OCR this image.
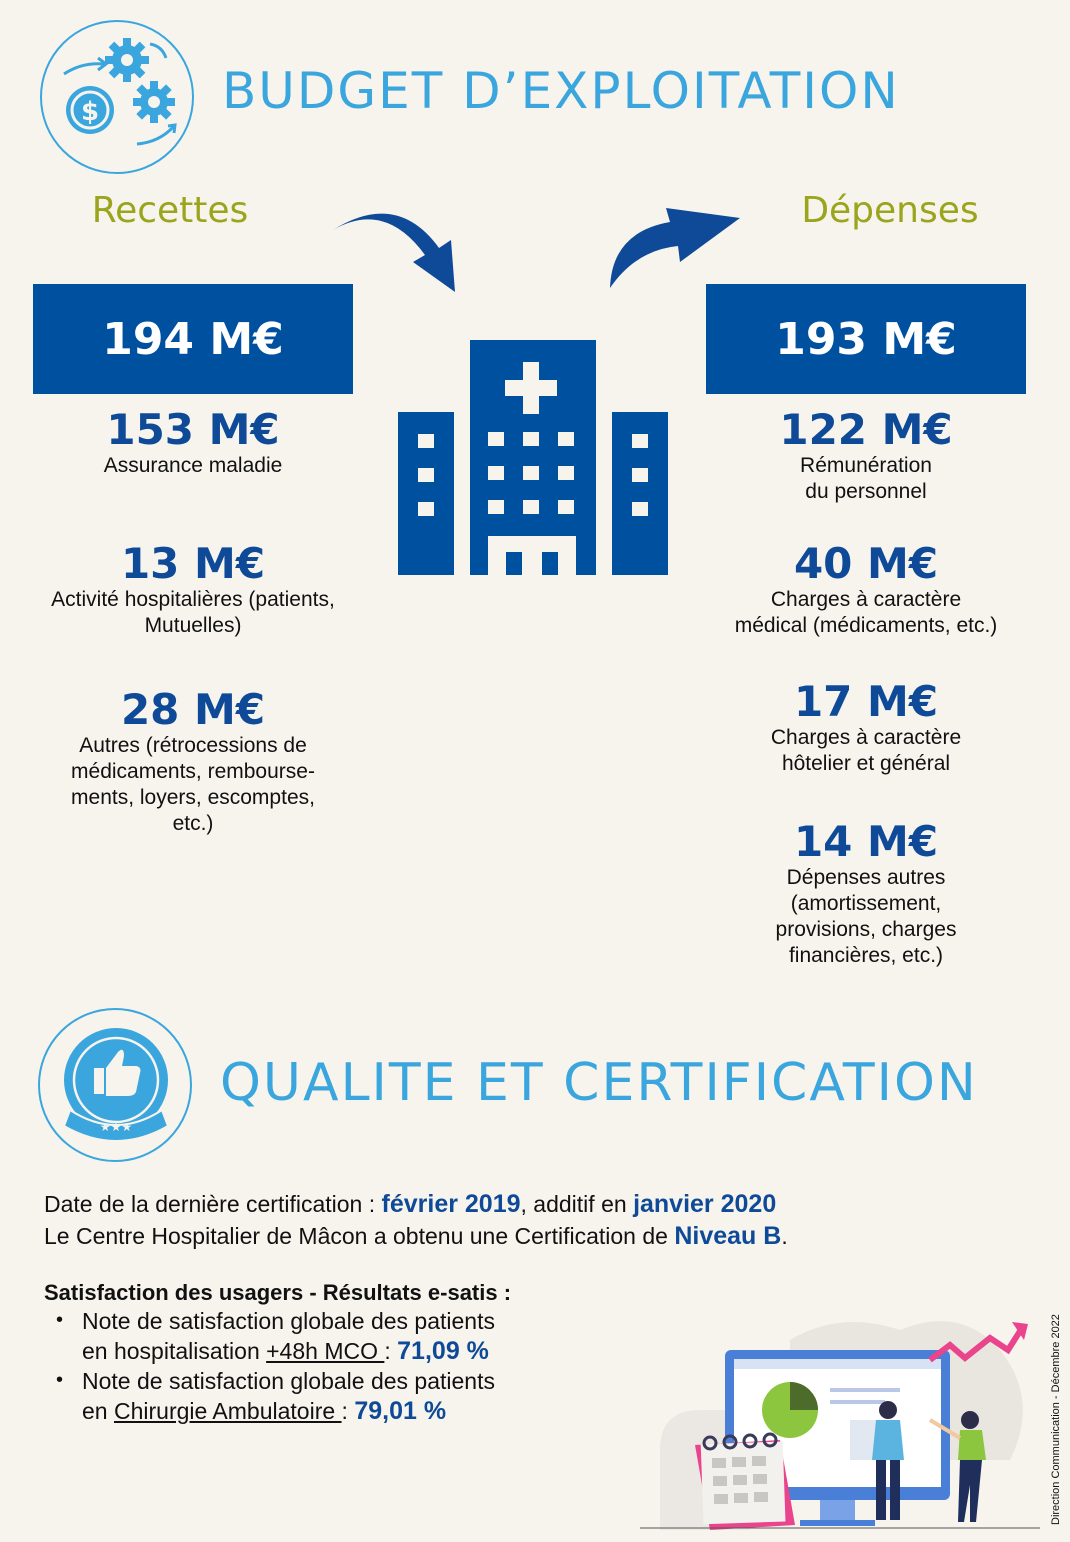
$ BUDGET D’EXPLOITATION
Recettes	Dépenses
194 M€	193 M€
153 M€
Assurance maladie
13 M€
Activité hospitalières (patients,
Mutuelles)
28 M€
Autres (rétrocessions de
médicaments, rembourse-
ments, loyers, escomptes,
etc.)
122 M€
Rémunération
du personnel
40 M€
Charges à caractère
médical (médicaments, etc.)
17 M€
Charges à caractère
hôtelier et général
14 M€
Dépenses autres
(amortissement,
provisions, charges
financières, etc.)
★★★
QUALITE ET CERTIFICATION
Date de la dernière certification : février 2019, additif en janvier 2020
Le Centre Hospitalier de Mâcon a obtenu une Certification de Niveau B.
Satisfaction des usagers - Résultats e-satis :
• Note de satisfaction globale des patients
en hospitalisation +48h MCO : 71,09 %
• Note de satisfaction globale des patients
en Chirurgie Ambulatoire : 79,01 %	Direction Communication - Décembre 2022
